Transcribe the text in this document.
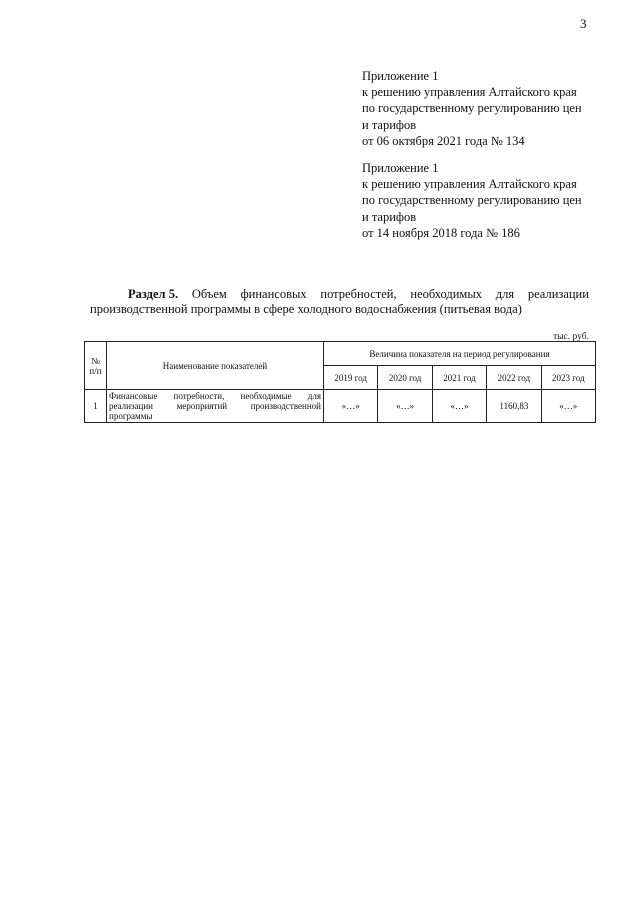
3
Приложение 1
к решению управления Алтайского края
по государственному регулированию цен
и тарифов
от 06 октября 2021 года № 134
Приложение 1
к решению управления Алтайского края
по государственному регулированию цен
и тарифов
от 14 ноября 2018 года № 186
Раздел 5. Объем финансовых потребностей, необходимых для реализации
производственной программы в сфере холодного водоснабжения (питьевая вода)
тыс. руб.
№ п/п	Наименование показателей	Величина показателя на период регулирования				
		2019 год	2020 год	2021 год	2022 год	2023 год
1	Финансовые потребности, необходимые для реализации мероприятий производственной программы	«…»	«…»	«…»	1160,83	«…»
